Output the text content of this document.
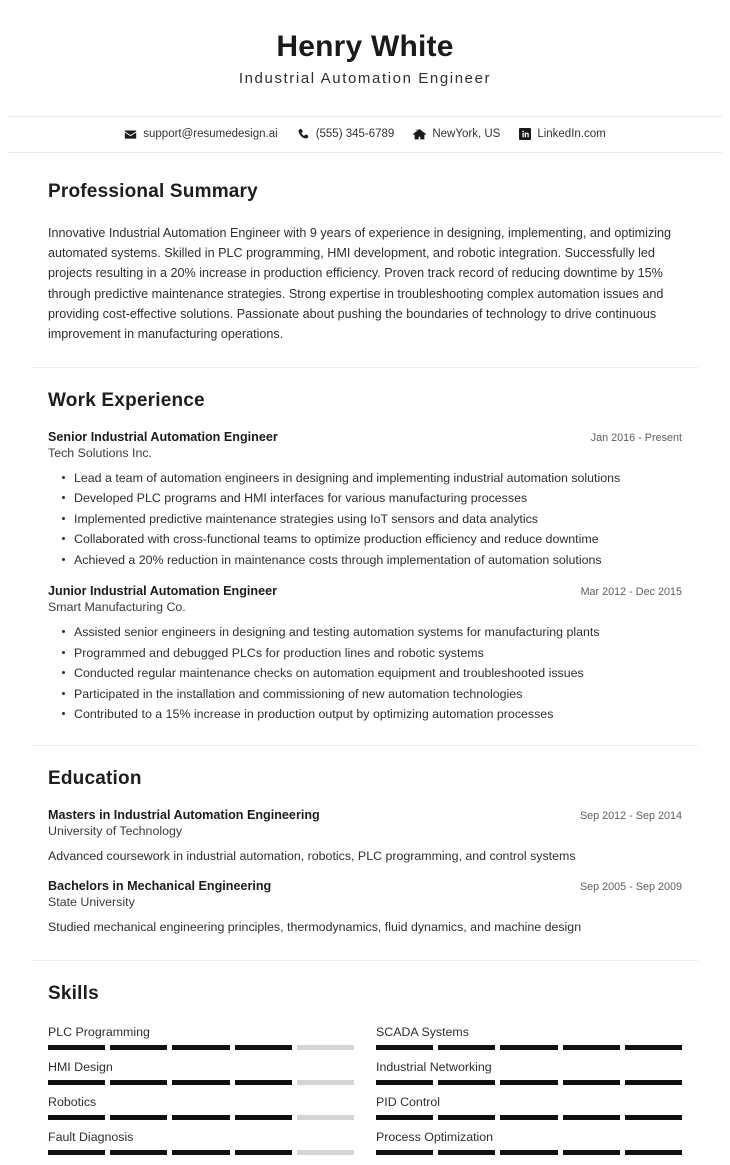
Henry White
Industrial Automation Engineer
support@resumedesign.ai	(555) 345-6789	NewYork, US	LinkedIn.com
Professional Summary
Innovative Industrial Automation Engineer with 9 years of experience in designing, implementing, and optimizing automated systems. Skilled in PLC programming, HMI development, and robotic integration. Successfully led projects resulting in a 20% increase in production efficiency. Proven track record of reducing downtime by 15% through predictive maintenance strategies. Strong expertise in troubleshooting complex automation issues and providing cost-effective solutions. Passionate about pushing the boundaries of technology to drive continuous improvement in manufacturing operations.
Work Experience
Senior Industrial Automation Engineer	Jan 2016 - Present
Tech Solutions Inc.
Lead a team of automation engineers in designing and implementing industrial automation solutions
Developed PLC programs and HMI interfaces for various manufacturing processes
Implemented predictive maintenance strategies using IoT sensors and data analytics
Collaborated with cross-functional teams to optimize production efficiency and reduce downtime
Achieved a 20% reduction in maintenance costs through implementation of automation solutions
Junior Industrial Automation Engineer	Mar 2012 - Dec 2015
Smart Manufacturing Co.
Assisted senior engineers in designing and testing automation systems for manufacturing plants
Programmed and debugged PLCs for production lines and robotic systems
Conducted regular maintenance checks on automation equipment and troubleshooted issues
Participated in the installation and commissioning of new automation technologies
Contributed to a 15% increase in production output by optimizing automation processes
Education
Masters in Industrial Automation Engineering	Sep 2012 - Sep 2014
University of Technology
Advanced coursework in industrial automation, robotics, PLC programming, and control systems
Bachelors in Mechanical Engineering	Sep 2005 - Sep 2009
State University
Studied mechanical engineering principles, thermodynamics, fluid dynamics, and machine design
Skills
PLC Programming	SCADA Systems
HMI Design	Industrial Networking
Robotics	PID Control
Fault Diagnosis	Process Optimization
